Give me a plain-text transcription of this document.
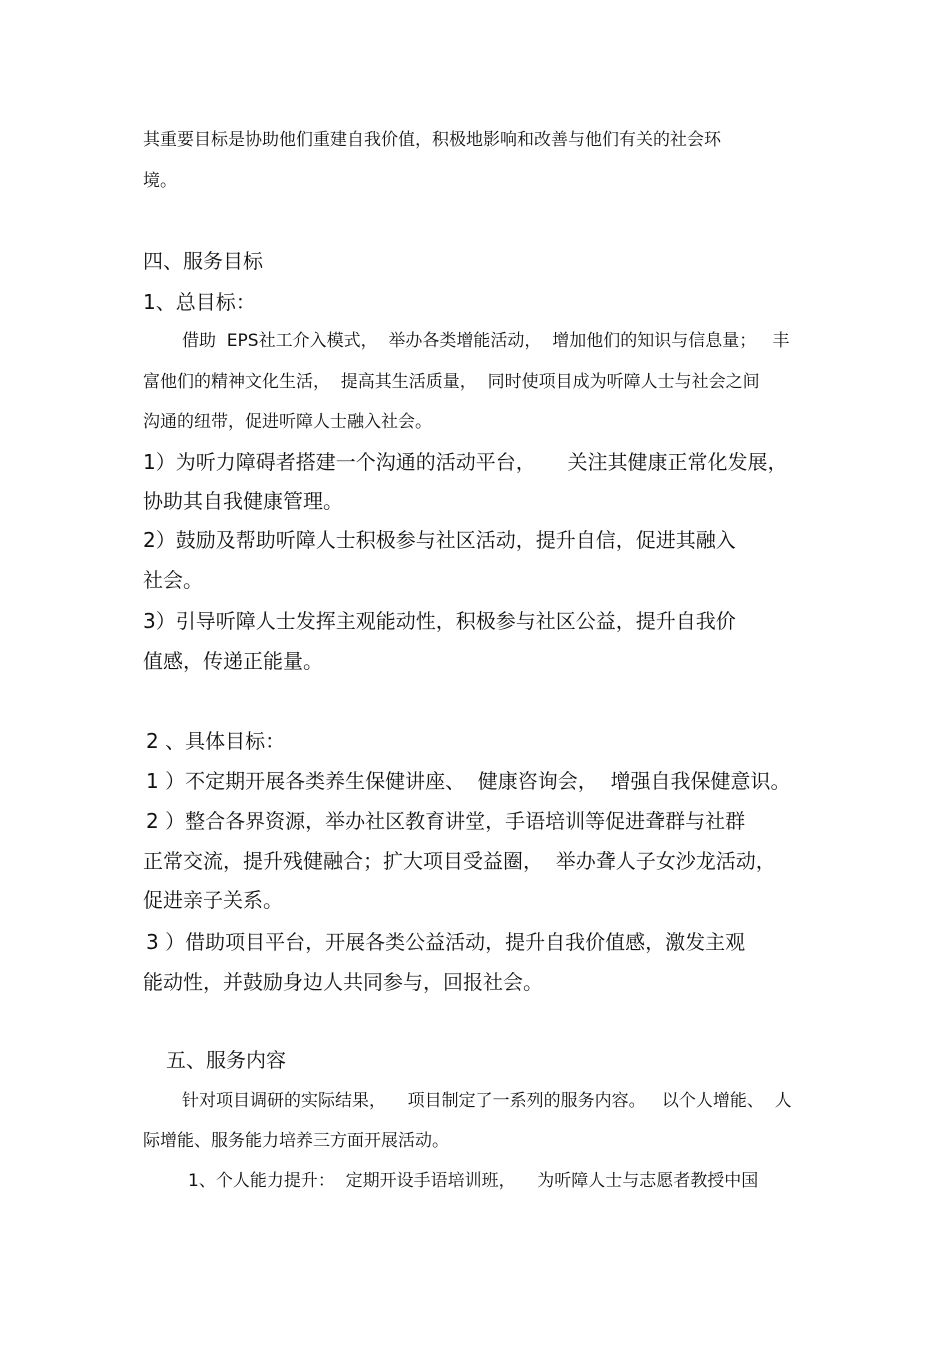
其重要目标是协助他们重建自我价值，积极地影响和改善与他们有关的社会环
境。
四、服务目标
1、总目标：
借助  EPS社工介入模式，  举办各类增能活动，  增加他们的知识与信息量；   丰
富他们的精神文化生活，  提高其生活质量，  同时使项目成为听障人士与社会之间
沟通的纽带，促进听障人士融入社会。
1）为听力障碍者搭建一个沟通的活动平台，     关注其健康正常化发展，
协助其自我健康管理。
2）鼓励及帮助听障人士积极参与社区活动，提升自信，促进其融入
社会。
3）引导听障人士发挥主观能动性，积极参与社区公益，提升自我价
值感，传递正能量。
2 、具体目标：
1 ）不定期开展各类养生保健讲座、  健康咨询会，  增强自我保健意识。
2 ）整合各界资源，举办社区教育讲堂，手语培训等促进聋群与社群
正常交流，提升残健融合；扩大项目受益圈，  举办聋人子女沙龙活动，
促进亲子关系。
3 ）借助项目平台，开展各类公益活动，提升自我价值感，激发主观
能动性，并鼓励身边人共同参与，回报社会。
五、服务内容
针对项目调研的实际结果，    项目制定了一系列的服务内容。   以个人增能、  人
际增能、服务能力培养三方面开展活动。
1、个人能力提升：  定期开设手语培训班，    为听障人士与志愿者教授中国
